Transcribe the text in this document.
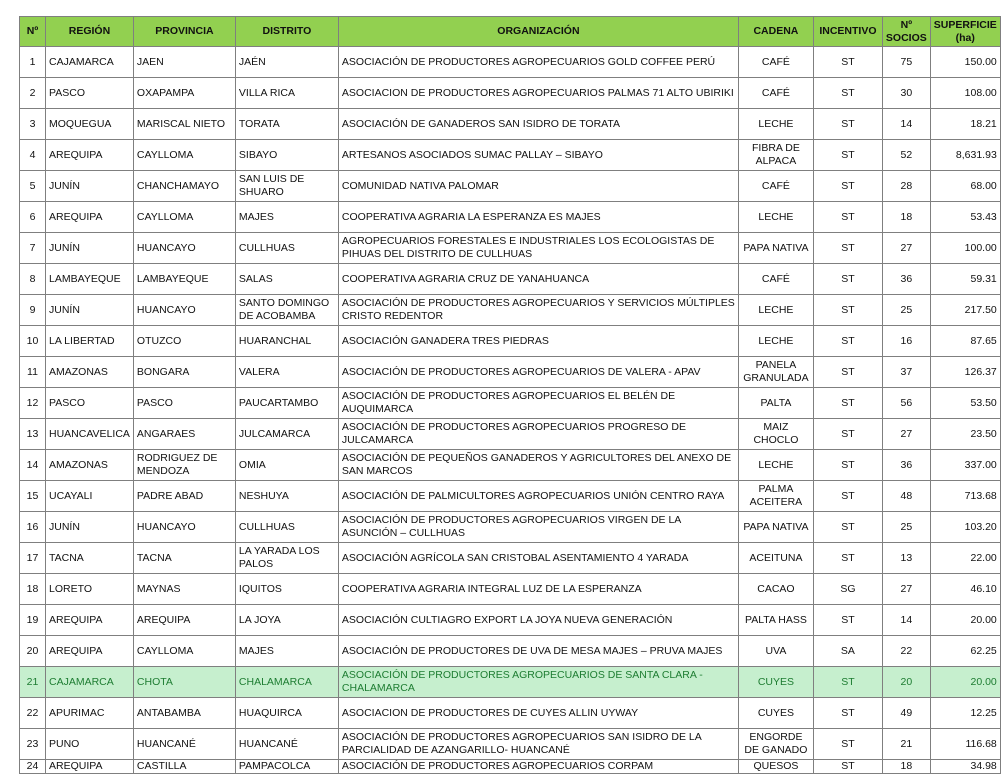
Nº	REGIÓN	PROVINCIA	DISTRITO	ORGANIZACIÓN	CADENA	INCENTIVO	Nº SOCIOS	SUPERFICIE (ha)
1	CAJAMARCA	JAEN	JAÉN	ASOCIACIÓN DE PRODUCTORES AGROPECUARIOS GOLD COFFEE PERÚ	CAFÉ	ST	75	150.00
2	PASCO	OXAPAMPA	VILLA RICA	ASOCIACION DE PRODUCTORES AGROPECUARIOS PALMAS 71 ALTO UBIRIKI	CAFÉ	ST	30	108.00
3	MOQUEGUA	MARISCAL NIETO	TORATA	ASOCIACIÓN DE GANADEROS SAN ISIDRO DE TORATA	LECHE	ST	14	18.21
4	AREQUIPA	CAYLLOMA	SIBAYO	ARTESANOS ASOCIADOS SUMAC PALLAY – SIBAYO	FIBRA DE ALPACA	ST	52	8,631.93
5	JUNÍN	CHANCHAMAYO	SAN LUIS DE SHUARO	COMUNIDAD NATIVA PALOMAR	CAFÉ	ST	28	68.00
6	AREQUIPA	CAYLLOMA	MAJES	COOPERATIVA AGRARIA LA ESPERANZA ES MAJES	LECHE	ST	18	53.43
7	JUNÍN	HUANCAYO	CULLHUAS	AGROPECUARIOS FORESTALES E INDUSTRIALES LOS ECOLOGISTAS DE PIHUAS DEL DISTRITO DE CULLHUAS	PAPA NATIVA	ST	27	100.00
8	LAMBAYEQUE	LAMBAYEQUE	SALAS	COOPERATIVA AGRARIA CRUZ DE YANAHUANCA	CAFÉ	ST	36	59.31
9	JUNÍN	HUANCAYO	SANTO DOMINGO DE ACOBAMBA	ASOCIACIÓN DE PRODUCTORES AGROPECUARIOS Y SERVICIOS MÚLTIPLES CRISTO REDENTOR	LECHE	ST	25	217.50
10	LA LIBERTAD	OTUZCO	HUARANCHAL	ASOCIACIÓN GANADERA TRES PIEDRAS	LECHE	ST	16	87.65
11	AMAZONAS	BONGARA	VALERA	ASOCIACIÓN DE PRODUCTORES AGROPECUARIOS DE VALERA - APAV	PANELA GRANULADA	ST	37	126.37
12	PASCO	PASCO	PAUCARTAMBO	ASOCIACIÓN DE PRODUCTORES AGROPECUARIOS EL BELÉN DE AUQUIMARCA	PALTA	ST	56	53.50
13	HUANCAVELICA	ANGARAES	JULCAMARCA	ASOCIACIÓN DE PRODUCTORES AGROPECUARIOS PROGRESO DE JULCAMARCA	MAIZ CHOCLO	ST	27	23.50
14	AMAZONAS	RODRIGUEZ DE MENDOZA	OMIA	ASOCIACIÓN DE PEQUEÑOS GANADEROS Y AGRICULTORES DEL ANEXO DE SAN MARCOS	LECHE	ST	36	337.00
15	UCAYALI	PADRE ABAD	NESHUYA	ASOCIACIÓN DE PALMICULTORES AGROPECUARIOS UNIÓN CENTRO RAYA	PALMA ACEITERA	ST	48	713.68
16	JUNÍN	HUANCAYO	CULLHUAS	ASOCIACIÓN DE PRODUCTORES AGROPECUARIOS VIRGEN DE LA ASUNCIÓN – CULLHUAS	PAPA NATIVA	ST	25	103.20
17	TACNA	TACNA	LA YARADA LOS PALOS	ASOCIACIÓN AGRÍCOLA SAN CRISTOBAL ASENTAMIENTO 4 YARADA	ACEITUNA	ST	13	22.00
18	LORETO	MAYNAS	IQUITOS	COOPERATIVA AGRARIA INTEGRAL LUZ DE LA ESPERANZA	CACAO	SG	27	46.10
19	AREQUIPA	AREQUIPA	LA JOYA	ASOCIACIÓN CULTIAGRO EXPORT LA JOYA NUEVA GENERACIÓN	PALTA HASS	ST	14	20.00
20	AREQUIPA	CAYLLOMA	MAJES	ASOCIACIÓN DE PRODUCTORES DE UVA DE MESA MAJES – PRUVA MAJES	UVA	SA	22	62.25
21	CAJAMARCA	CHOTA	CHALAMARCA	ASOCIACIÓN DE PRODUCTORES AGROPECUARIOS DE SANTA CLARA - CHALAMARCA	CUYES	ST	20	20.00
22	APURIMAC	ANTABAMBA	HUAQUIRCA	ASOCIACION DE PRODUCTORES DE CUYES ALLIN UYWAY	CUYES	ST	49	12.25
23	PUNO	HUANCANÉ	HUANCANÉ	ASOCIACIÓN DE PRODUCTORES AGROPECUARIOS SAN ISIDRO DE LA PARCIALIDAD DE AZANGARILLO- HUANCANÉ	ENGORDE DE GANADO	ST	21	116.68
24	AREQUIPA	CASTILLA	PAMPACOLCA	ASOCIACIÓN DE PRODUCTORES AGROPECUARIOS CORPAM	QUESOS	ST	18	34.98
